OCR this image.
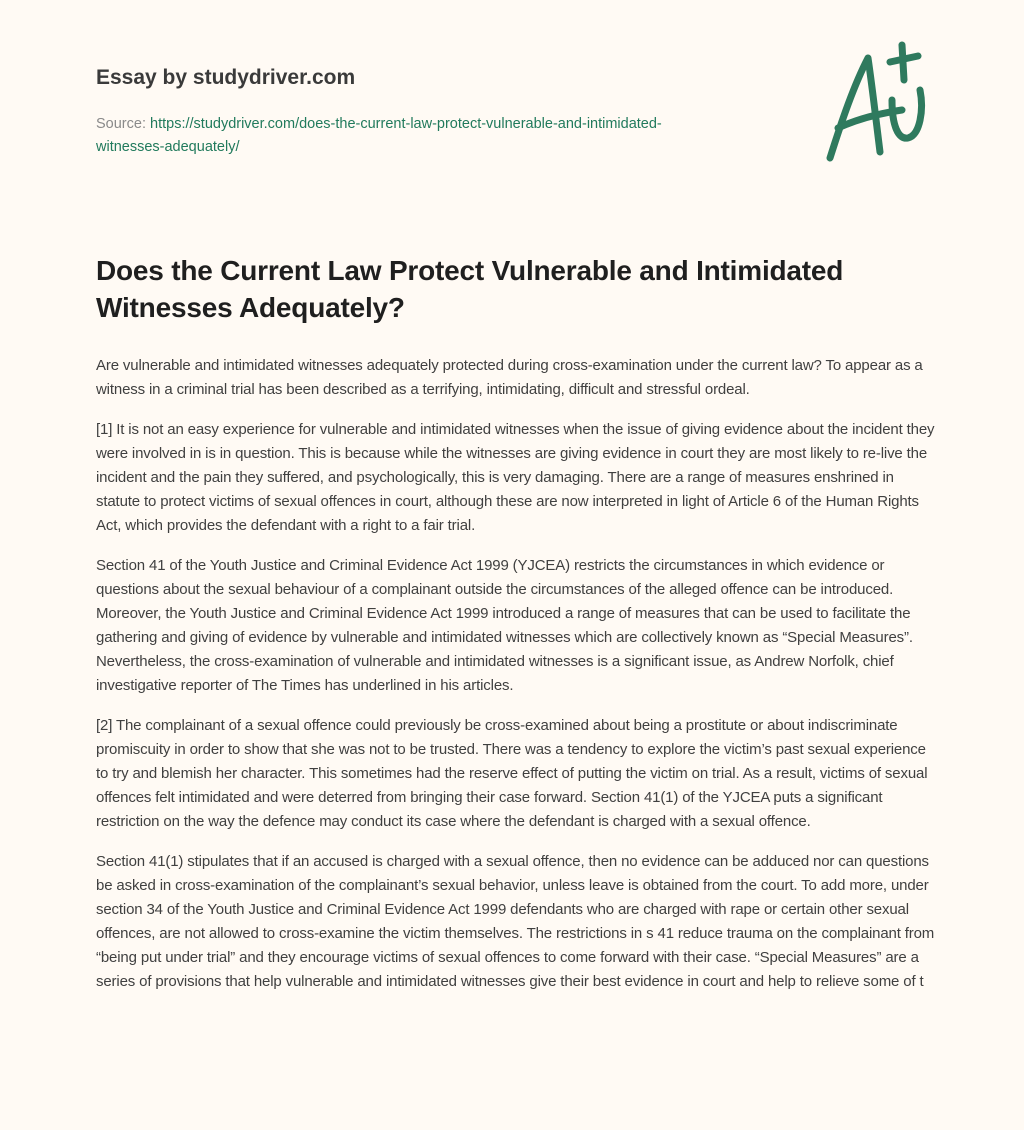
Essay by studydriver.com
Source: https://studydriver.com/does-the-current-law-protect-vulnerable-and-intimidated-witnesses-adequately/
Does the Current Law Protect Vulnerable and Intimidated Witnesses Adequately?

Are vulnerable and intimidated witnesses adequately protected during cross-examination under the current law? To appear as a witness in a criminal trial has been described as a terrifying, intimidating, difficult and stressful ordeal.

[1] It is not an easy experience for vulnerable and intimidated witnesses when the issue of giving evidence about the incident they were involved in is in question. This is because while the witnesses are giving evidence in court they are most likely to re-live the incident and the pain they suffered, and psychologically, this is very damaging. There are a range of measures enshrined in statute to protect victims of sexual offences in court, although these are now interpreted in light of Article 6 of the Human Rights Act, which provides the defendant with a right to a fair trial.

Section 41 of the Youth Justice and Criminal Evidence Act 1999 (YJCEA) restricts the circumstances in which evidence or questions about the sexual behaviour of a complainant outside the circumstances of the alleged offence can be introduced. Moreover, the Youth Justice and Criminal Evidence Act 1999 introduced a range of measures that can be used to facilitate the gathering and giving of evidence by vulnerable and intimidated witnesses which are collectively known as “Special Measures”. Nevertheless, the cross-examination of vulnerable and intimidated witnesses is a significant issue, as Andrew Norfolk, chief investigative reporter of The Times has underlined in his articles.

[2] The complainant of a sexual offence could previously be cross-examined about being a prostitute or about indiscriminate promiscuity in order to show that she was not to be trusted. There was a tendency to explore the victim’s past sexual experience to try and blemish her character. This sometimes had the reserve effect of putting the victim on trial. As a result, victims of sexual offences felt intimidated and were deterred from bringing their case forward. Section 41(1) of the YJCEA puts a significant restriction on the way the defence may conduct its case where the defendant is charged with a sexual offence.

Section 41(1) stipulates that if an accused is charged with a sexual offence, then no evidence can be adduced nor can questions be asked in cross-examination of the complainant’s sexual behavior, unless leave is obtained from the court. To add more, under section 34 of the Youth Justice and Criminal Evidence Act 1999 defendants who are charged with rape or certain other sexual offences, are not allowed to cross-examine the victim themselves. The restrictions in s 41 reduce trauma on the complainant from “being put under trial” and they encourage victims of sexual offences to come forward with their case. “Special Measures” are a series of provisions that help vulnerable and intimidated witnesses give their best evidence in court and help to relieve some of t
